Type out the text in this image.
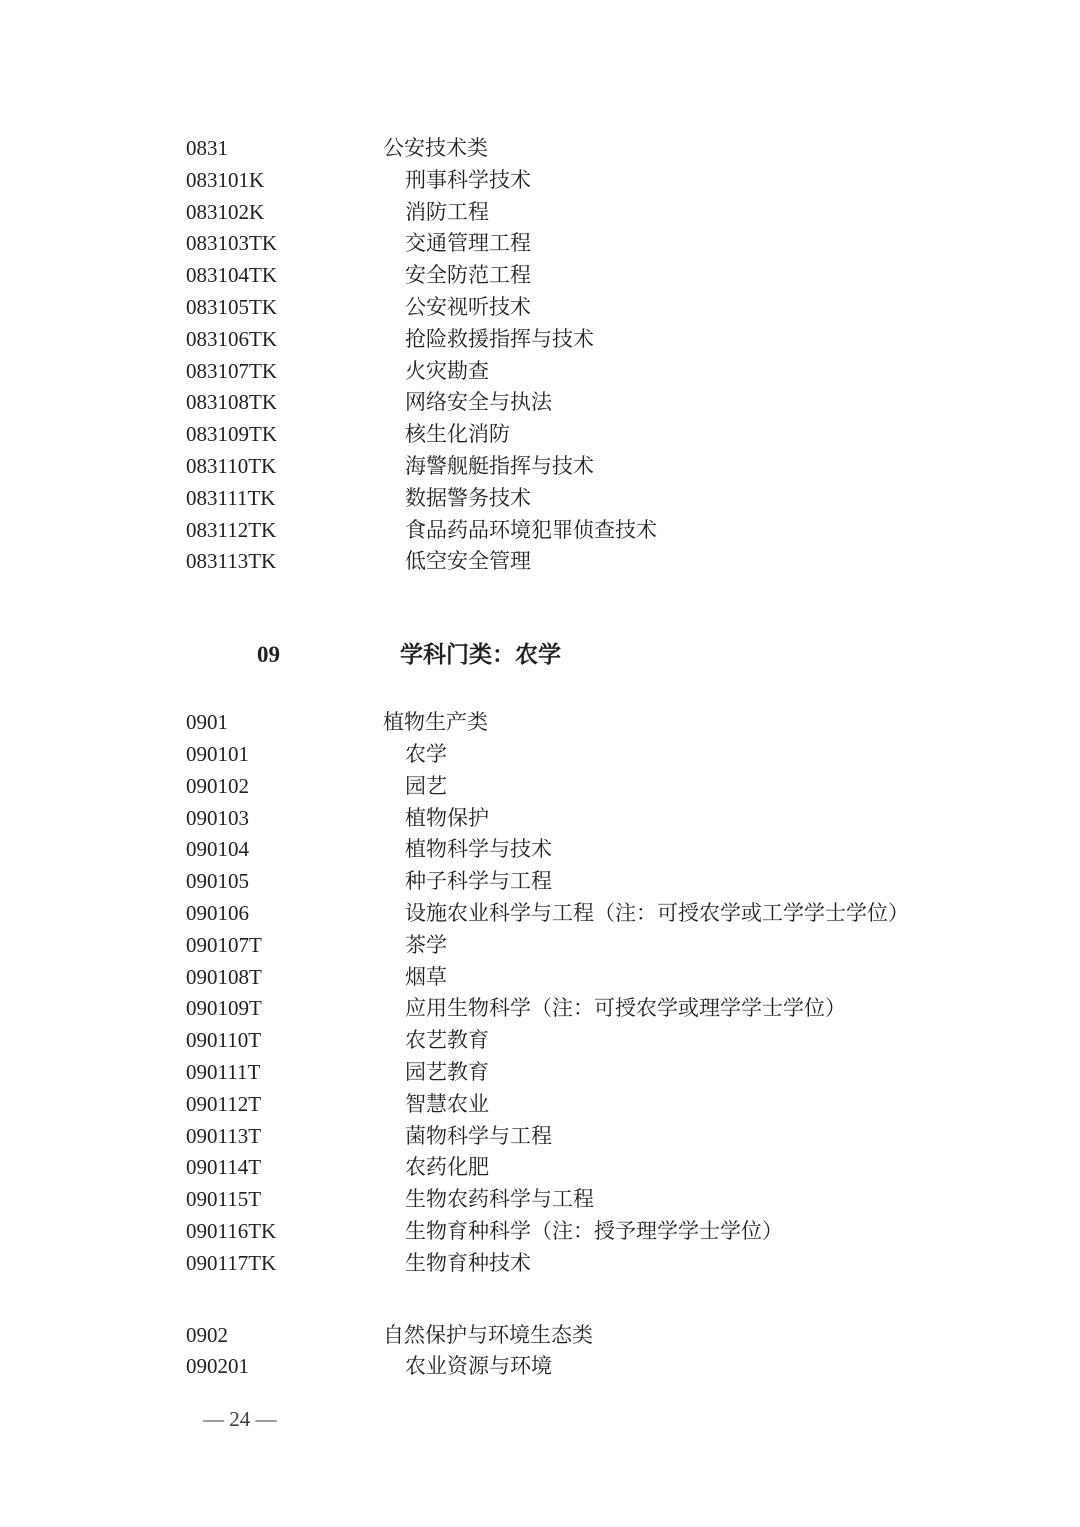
0831	公安技术类
083101K	刑事科学技术
083102K	消防工程
083103TK	交通管理工程
083104TK	安全防范工程
083105TK	公安视听技术
083106TK	抢险救援指挥与技术
083107TK	火灾勘查
083108TK	网络安全与执法
083109TK	核生化消防
083110TK	海警舰艇指挥与技术
083111TK	数据警务技术
083112TK	食品药品环境犯罪侦查技术
083113TK	低空安全管理
09	学科门类：农学
0901	植物生产类
090101	农学
090102	园艺
090103	植物保护
090104	植物科学与技术
090105	种子科学与工程
090106	设施农业科学与工程（注：可授农学或工学学士学位）
090107T	茶学
090108T	烟草
090109T	应用生物科学（注：可授农学或理学学士学位）
090110T	农艺教育
090111T	园艺教育
090112T	智慧农业
090113T	菌物科学与工程
090114T	农药化肥
090115T	生物农药科学与工程
090116TK	生物育种科学（注：授予理学学士学位）
090117TK	生物育种技术
0902	自然保护与环境生态类
090201	农业资源与环境
— 24 —
